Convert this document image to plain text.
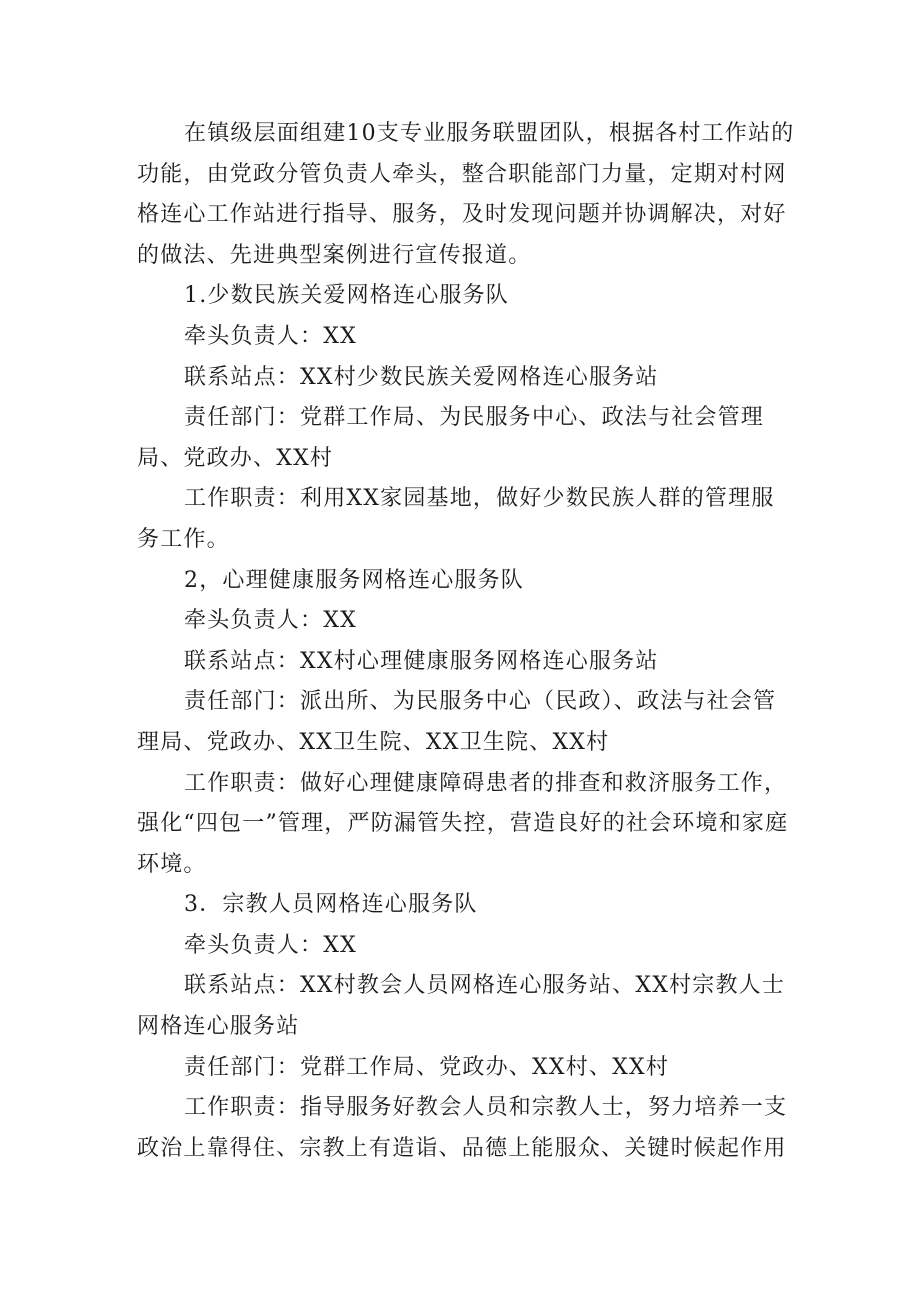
在镇级层面组建10支专业服务联盟团队，根据各村工作站的功能，由党政分管负责人牵头，整合职能部门力量，定期对村网格连心工作站进行指导、服务，及时发现问题并协调解决，对好的做法、先进典型案例进行宣传报道。

1.少数民族关爱网格连心服务队

牵头负责人：XX

联系站点：XX村少数民族关爱网格连心服务站

责任部门：党群工作局、为民服务中心、政法与社会管理局、党政办、XX村

工作职责：利用XX家园基地，做好少数民族人群的管理服务工作。

2，心理健康服务网格连心服务队

牵头负责人：XX

联系站点：XX村心理健康服务网格连心服务站

责任部门：派出所、为民服务中心（民政）、政法与社会管理局、党政办、XX卫生院、XX卫生院、XX村

工作职责：做好心理健康障碍患者的排查和救济服务工作，强化“四包一”管理，严防漏管失控，营造良好的社会环境和家庭环境。

3．宗教人员网格连心服务队

牵头负责人：XX

联系站点：XX村教会人员网格连心服务站、XX村宗教人士网格连心服务站

责任部门：党群工作局、党政办、XX村、XX村

工作职责：指导服务好教会人员和宗教人士，努力培养一支政治上靠得住、宗教上有造诣、品德上能服众、关键时候起作用
